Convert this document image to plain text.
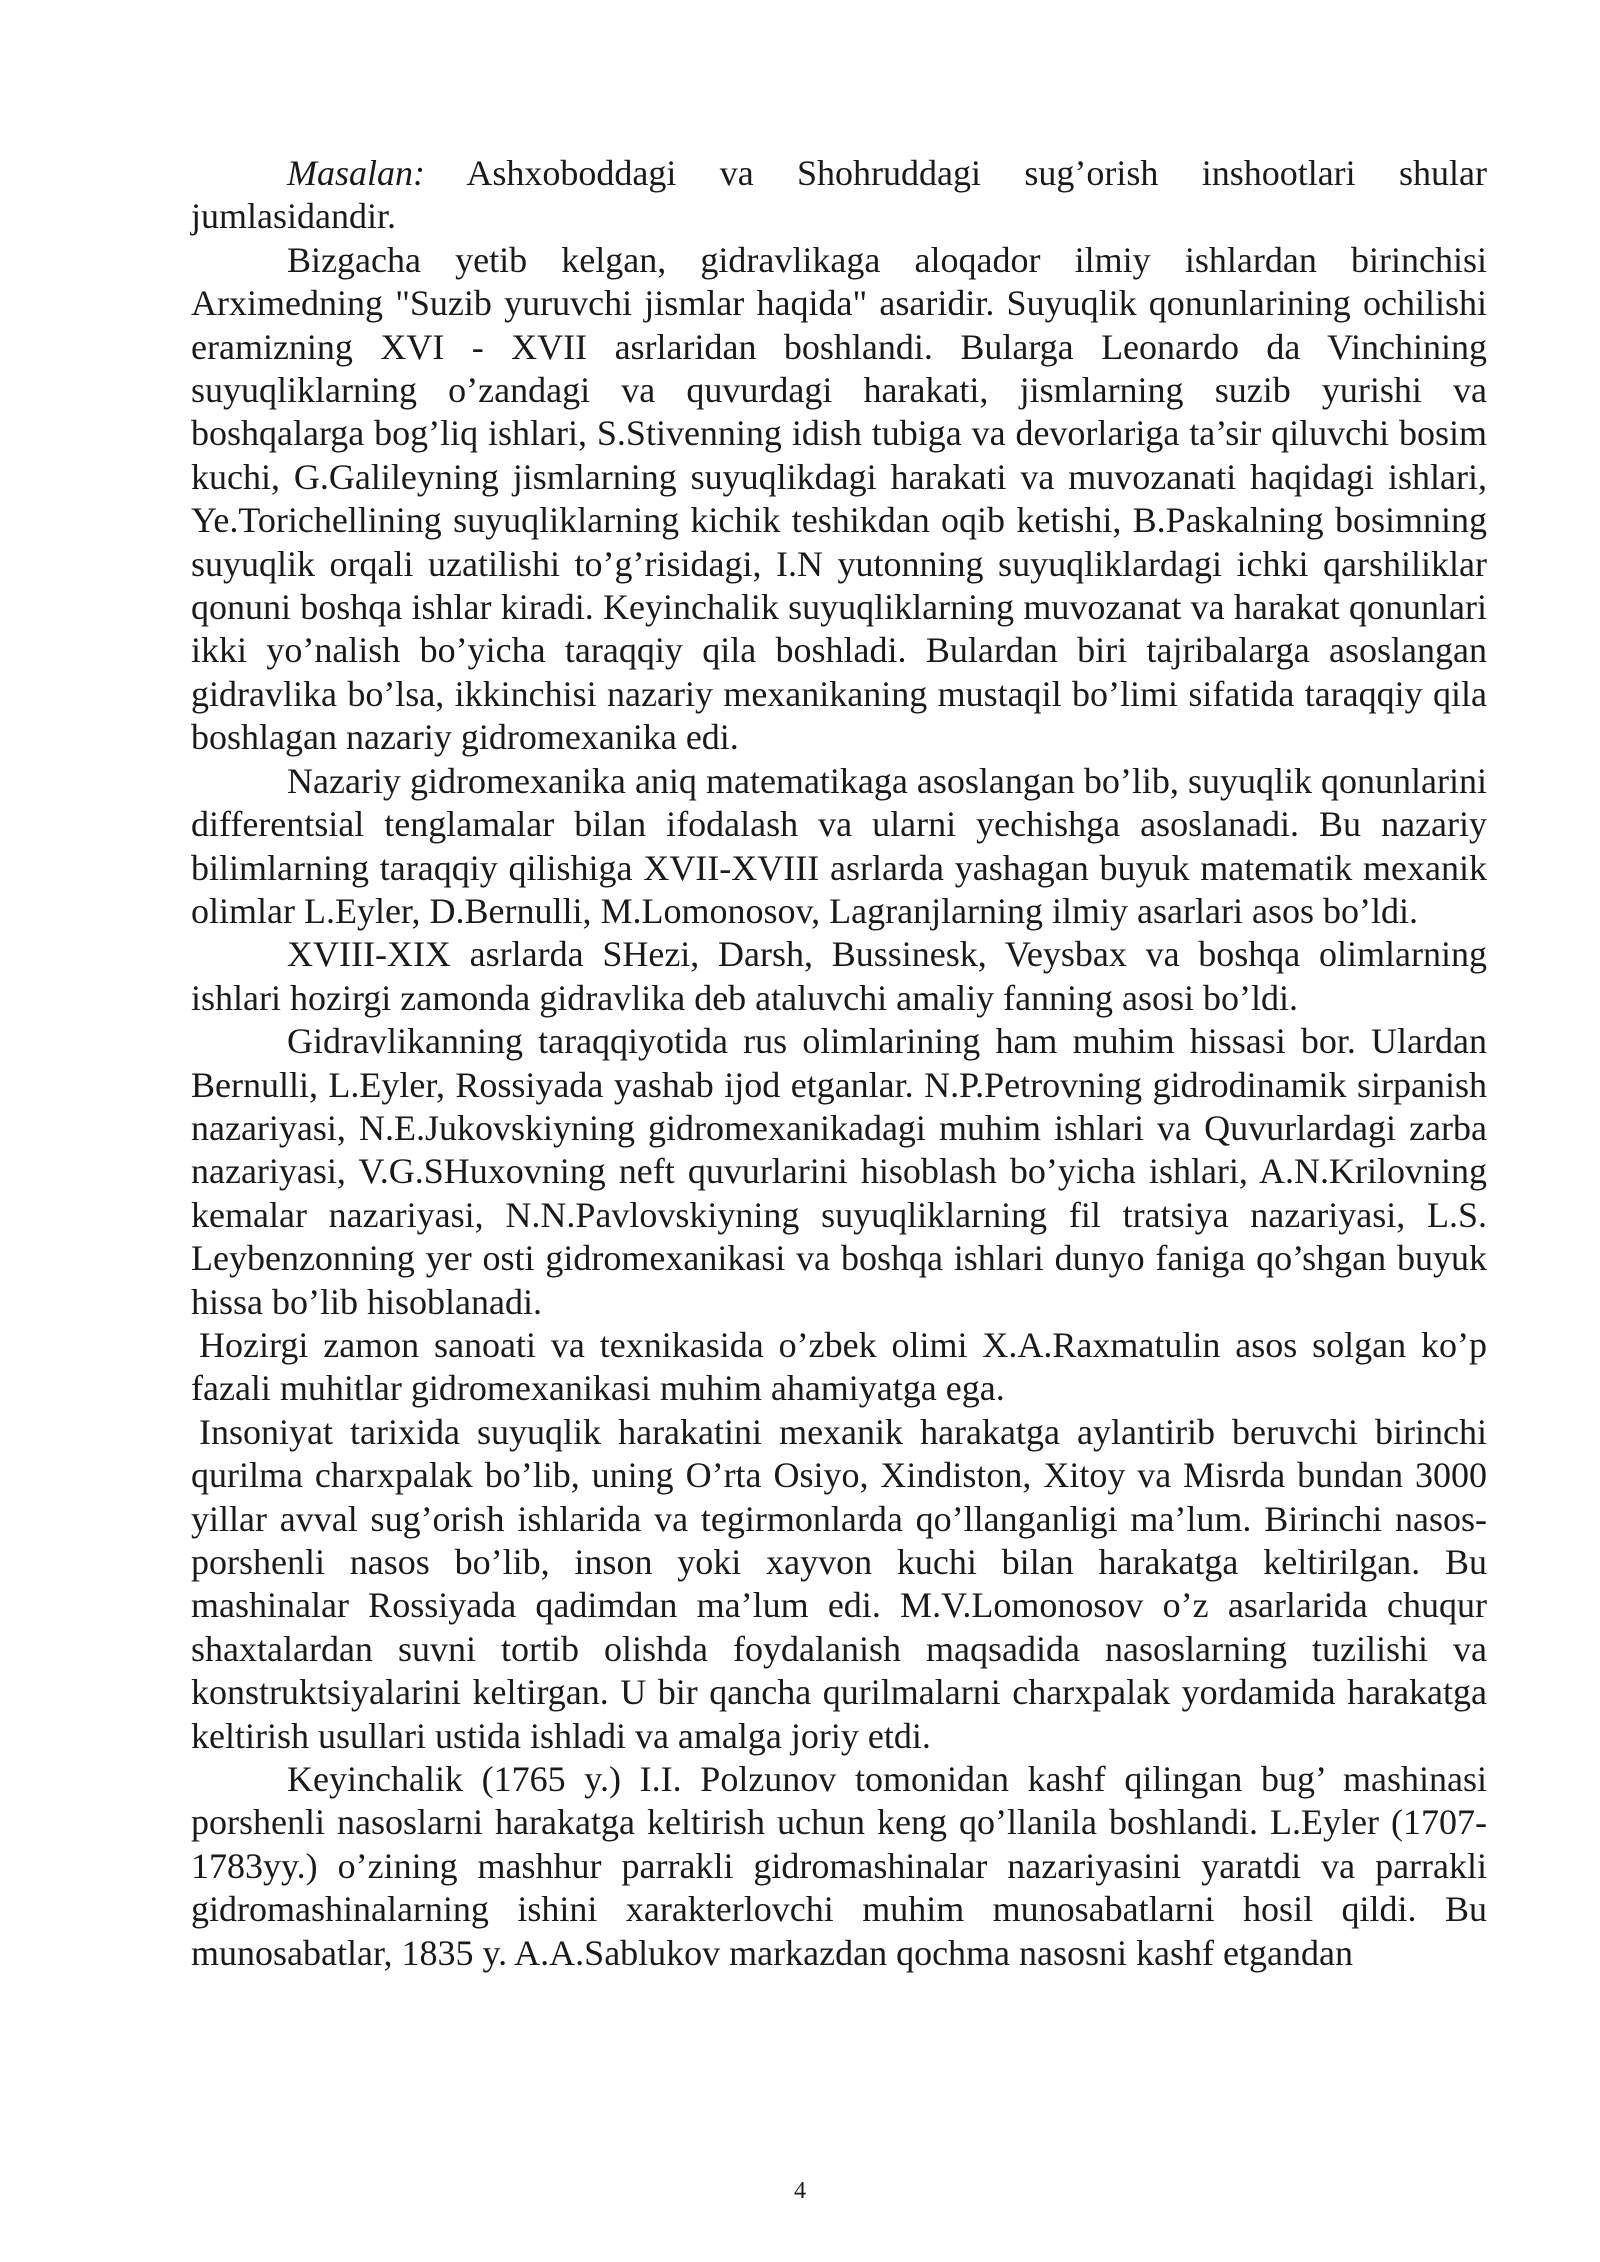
Masalan: Ashxoboddagi va Shohruddagi sug’orish inshootlari shular jumlasidandir.

Bizgacha yetib kelgan, gidravlikaga aloqador ilmiy ishlardan birinchisi Arximedning "Suzib yuruvchi jismlar haqida" asaridir. Suyuqlik qonunlarining ochilishi eramizning XVI - XVII asrlaridan boshlandi. Bularga Leonardo da Vinchining suyuqliklarning o’zandagi va quvurdagi harakati, jismlarning suzib yurishi va boshqalarga bog’liq ishlari, S.Stivenning idish tubiga va devorlariga ta’sir qiluvchi bosim kuchi, G.Galileyning jismlarning suyuqlikdagi harakati va muvozanati haqidagi ishlari, Ye.Torichellining suyuqliklarning kichik teshikdan oqib ketishi, B.Paskalning bosimning suyuqlik orqali uzatilishi to’g’risidagi, I.N yutonning suyuqliklardagi ichki qarshiliklar qonuni boshqa ishlar kiradi. Keyinchalik suyuqliklarning muvozanat va harakat qonunlari ikki yo’nalish bo’yicha taraqqiy qila boshladi. Bulardan biri tajribalarga asoslangan gidravlika bo’lsa, ikkinchisi nazariy mexanikaning mustaqil bo’limi sifatida taraqqiy qila boshlagan nazariy gidromexanika edi.

Nazariy gidromexanika aniq matematikaga asoslangan bo’lib, suyuqlik qonunlarini differentsial tenglamalar bilan ifodalash va ularni yechishga asoslanadi. Bu nazariy bilimlarning taraqqiy qilishiga XVII-XVIII asrlarda yashagan buyuk matematik mexanik olimlar L.Eyler, D.Bernulli, M.Lomonosov, Lagranjlarning ilmiy asarlari asos bo’ldi.

XVIII-XIX asrlarda SHezi, Darsh, Bussinesk, Veysbax va boshqa olimlarning ishlari hozirgi zamonda gidravlika deb ataluvchi amaliy fanning asosi bo’ldi.

Gidravlikanning taraqqiyotida rus olimlarining ham muhim hissasi bor. Ulardan Bernulli, L.Eyler, Rossiyada yashab ijod etganlar. N.P.Petrovning gidrodinamik sirpanish nazariyasi, N.E.Jukovskiyning gidromexanikadagi muhim ishlari va Quvurlardagi zarba nazariyasi, V.G.SHuxovning neft quvurlarini hisoblash bo’yicha ishlari, A.N.Krilovning kemalar nazariyasi, N.N.Pavlovskiyning suyuqliklarning fil tratsiya nazariyasi, L.S. Leybenzonning yer osti gidromexanikasi va boshqa ishlari dunyo faniga qo’shgan buyuk hissa bo’lib hisoblanadi.

Hozirgi zamon sanoati va texnikasida o’zbek olimi X.A.Raxmatulin asos solgan ko’p fazali muhitlar gidromexanikasi muhim ahamiyatga ega.

Insoniyat tarixida suyuqlik harakatini mexanik harakatga aylantirib beruvchi birinchi qurilma charxpalak bo’lib, uning O’rta Osiyo, Xindiston, Xitoy va Misrda bundan 3000 yillar avval sug’orish ishlarida va tegirmonlarda qo’llanganligi ma’lum. Birinchi nasos-porshenli nasos bo’lib, inson yoki xayvon kuchi bilan harakatga keltirilgan. Bu mashinalar Rossiyada qadimdan ma’lum edi. M.V.Lomonosov o’z asarlarida chuqur shaxtalardan suvni tortib olishda foydalanish maqsadida nasoslarning tuzilishi va konstruktsiyalarini keltirgan. U bir qancha qurilmalarni charxpalak yordamida harakatga keltirish usullari ustida ishladi va amalga joriy etdi.

Keyinchalik (1765 y.) I.I. Polzunov tomonidan kashf qilingan bug’ mashinasi porshenli nasoslarni harakatga keltirish uchun keng qo’llanila boshlandi. L.Eyler (1707-1783yy.) o’zining mashhur parrakli gidromashinalar nazariyasini yaratdi va parrakli gidromashinalarning ishini xarakterlovchi muhim munosabatlarni hosil qildi. Bu munosabatlar, 1835 y. A.A.Sablukov markazdan qochma nasosni kashf etgandan

4
